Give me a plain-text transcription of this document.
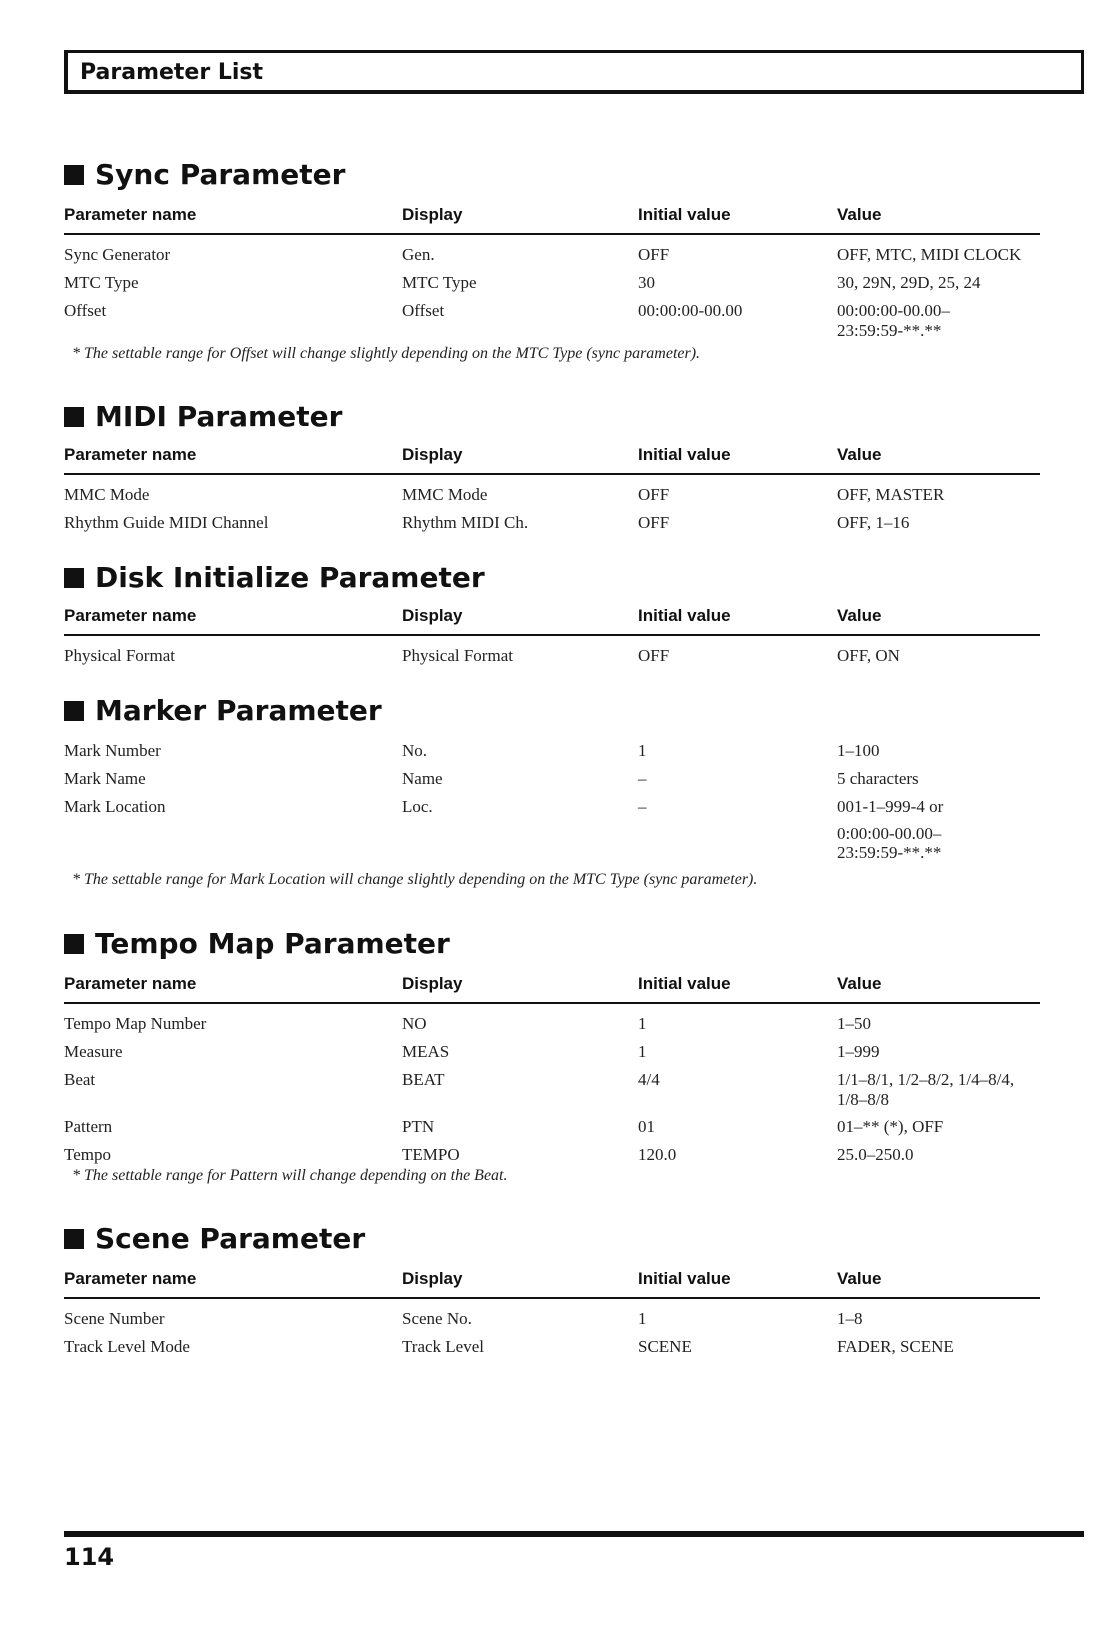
Parameter List
Sync Parameter
Parameter name	Display	Initial value	Value
Sync Generator	Gen.	OFF	OFF, MTC, MIDI CLOCK
MTC Type	MTC Type	30	30, 29N, 29D, 25, 24
Offset	Offset	00:00:00-00.00	00:00:00-00.00–
23:59:59-**.**
* The settable range for Offset will change slightly depending on the MTC Type (sync parameter).
MIDI Parameter
Parameter name	Display	Initial value	Value
MMC Mode	MMC Mode	OFF	OFF, MASTER
Rhythm Guide MIDI Channel	Rhythm MIDI Ch.	OFF	OFF, 1–16
Disk Initialize Parameter
Parameter name	Display	Initial value	Value
Physical Format	Physical Format	OFF	OFF, ON
Marker Parameter
Mark Number	No.	1	1–100
Mark Name	Name	–	5 characters
Mark Location	Loc.	–	001-1–999-4 or
0:00:00-00.00–
23:59:59-**.**
* The settable range for Mark Location will change slightly depending on the MTC Type (sync parameter).
Tempo Map Parameter
Parameter name	Display	Initial value	Value
Tempo Map Number	NO	1	1–50
Measure	MEAS	1	1–999
Beat	BEAT	4/4	1/1–8/1, 1/2–8/2, 1/4–8/4,
1/8–8/8
Pattern	PTN	01	01–** (*), OFF
Tempo	TEMPO	120.0	25.0–250.0
* The settable range for Pattern will change depending on the Beat.
Scene Parameter
Parameter name	Display	Initial value	Value
Scene Number	Scene No.	1	1–8
Track Level Mode	Track Level	SCENE	FADER, SCENE
114
